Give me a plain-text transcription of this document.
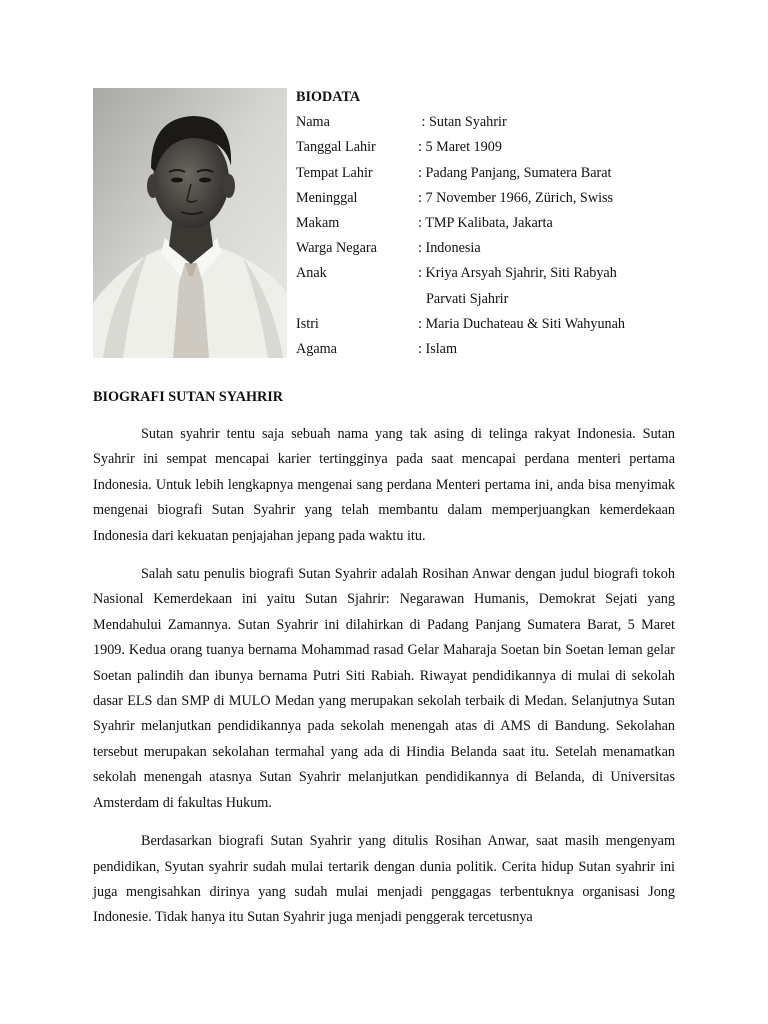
BIODATA
Nama	: Sutan Syahrir
Tanggal Lahir	: 5 Maret 1909
Tempat Lahir	: Padang Panjang, Sumatera Barat
Meninggal	: 7 November 1966, Zürich, Swiss
Makam	: TMP Kalibata, Jakarta
Warga Negara	: Indonesia
Anak	: Kriya Arsyah Sjahrir, Siti Rabyah
Parvati Sjahrir
Istri	: Maria Duchateau & Siti Wahyunah
Agama	: Islam
BIOGRAFI SUTAN SYAHRIR

Sutan syahrir tentu saja sebuah nama yang tak asing di telinga rakyat Indonesia. Sutan Syahrir ini sempat mencapai karier tertingginya pada saat mencapai perdana menteri pertama Indonesia. Untuk lebih lengkapnya mengenai sang perdana Menteri pertama ini, anda bisa menyimak mengenai biografi Sutan Syahrir yang telah membantu dalam memperjuangkan kemerdekaan Indonesia dari kekuatan penjajahan jepang pada waktu itu.

Salah satu penulis biografi Sutan Syahrir adalah Rosihan Anwar dengan judul biografi tokoh Nasional Kemerdekaan ini yaitu Sutan Sjahrir: Negarawan Humanis, Demokrat Sejati yang Mendahului Zamannya. Sutan Syahrir ini dilahirkan di Padang Panjang Sumatera Barat, 5 Maret 1909. Kedua orang tuanya bernama Mohammad rasad Gelar Maharaja Soetan bin Soetan leman gelar Soetan palindih dan ibunya bernama Putri Siti Rabiah. Riwayat pendidikannya di mulai di sekolah dasar ELS dan SMP di MULO Medan yang merupakan sekolah terbaik di Medan. Selanjutnya Sutan Syahrir melanjutkan pendidikannya pada sekolah menengah atas di AMS di Bandung. Sekolahan tersebut merupakan sekolahan termahal yang ada di Hindia Belanda saat itu. Setelah menamatkan sekolah menengah atasnya Sutan Syahrir melanjutkan pendidikannya di Belanda, di Universitas Amsterdam di fakultas Hukum.

Berdasarkan biografi Sutan Syahrir yang ditulis Rosihan Anwar, saat masih mengenyam pendidikan, Syutan syahrir sudah mulai tertarik dengan dunia politik. Cerita hidup Sutan syahrir ini juga mengisahkan dirinya yang sudah mulai menjadi penggagas terbentuknya organisasi Jong Indonesie. Tidak hanya itu Sutan Syahrir juga menjadi penggerak tercetusnya
